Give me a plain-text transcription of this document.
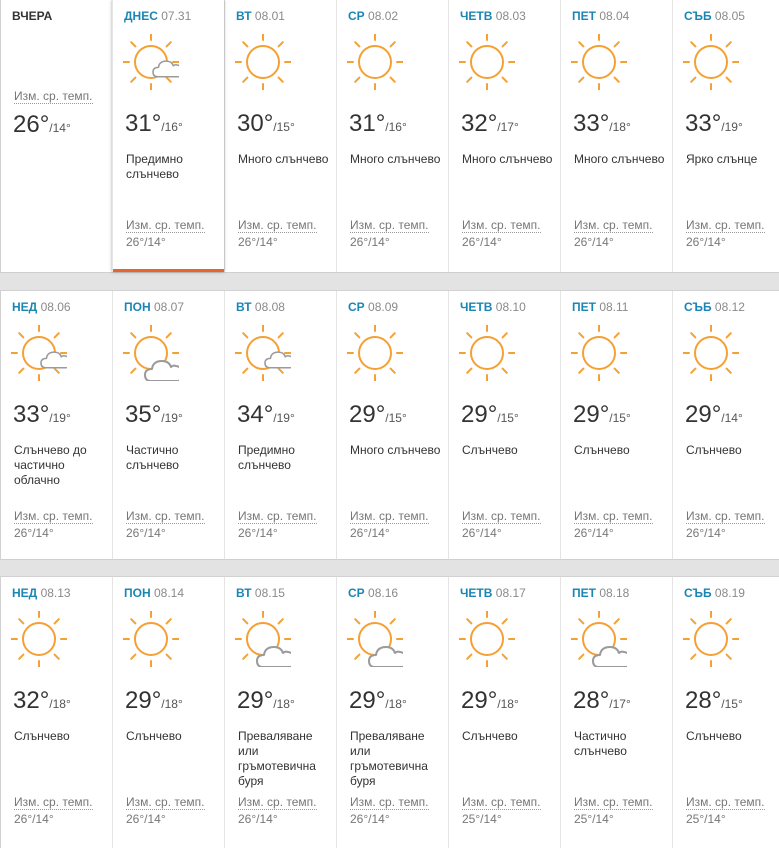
ВЧЕРА
Изм. ср. темп.
26°/14°
ДНЕС 07.31
31°/16°
Предимно слънчево
Изм. ср. темп.
26°/14°
ВТ 08.01
30°/15°
Много слънчево
Изм. ср. темп.
26°/14°
СР 08.02
31°/16°
Много слънчево
Изм. ср. темп.
26°/14°
ЧЕТВ 08.03
32°/17°
Много слънчево
Изм. ср. темп.
26°/14°
ПЕТ 08.04
33°/18°
Много слънчево
Изм. ср. темп.
26°/14°
СЪБ 08.05
33°/19°
Ярко слънце
Изм. ср. темп.
26°/14°
НЕД 08.06
33°/19°
Слънчево до частично облачно
Изм. ср. темп.
26°/14°
ПОН 08.07
35°/19°
Частично слънчево
Изм. ср. темп.
26°/14°
ВТ 08.08
34°/19°
Предимно слънчево
Изм. ср. темп.
26°/14°
СР 08.09
29°/15°
Много слънчево
Изм. ср. темп.
26°/14°
ЧЕТВ 08.10
29°/15°
Слънчево
Изм. ср. темп.
26°/14°
ПЕТ 08.11
29°/15°
Слънчево
Изм. ср. темп.
26°/14°
СЪБ 08.12
29°/14°
Слънчево
Изм. ср. темп.
26°/14°
НЕД 08.13
32°/18°
Слънчево
Изм. ср. темп.
26°/14°
ПОН 08.14
29°/18°
Слънчево
Изм. ср. темп.
26°/14°
ВТ 08.15
29°/18°
Преваляване или гръмотевична буря
Изм. ср. темп.
26°/14°
СР 08.16
29°/18°
Преваляване или гръмотевична буря
Изм. ср. темп.
26°/14°
ЧЕТВ 08.17
29°/18°
Слънчево
Изм. ср. темп.
25°/14°
ПЕТ 08.18
28°/17°
Частично слънчево
Изм. ср. темп.
25°/14°
СЪБ 08.19
28°/15°
Слънчево
Изм. ср. темп.
25°/14°
